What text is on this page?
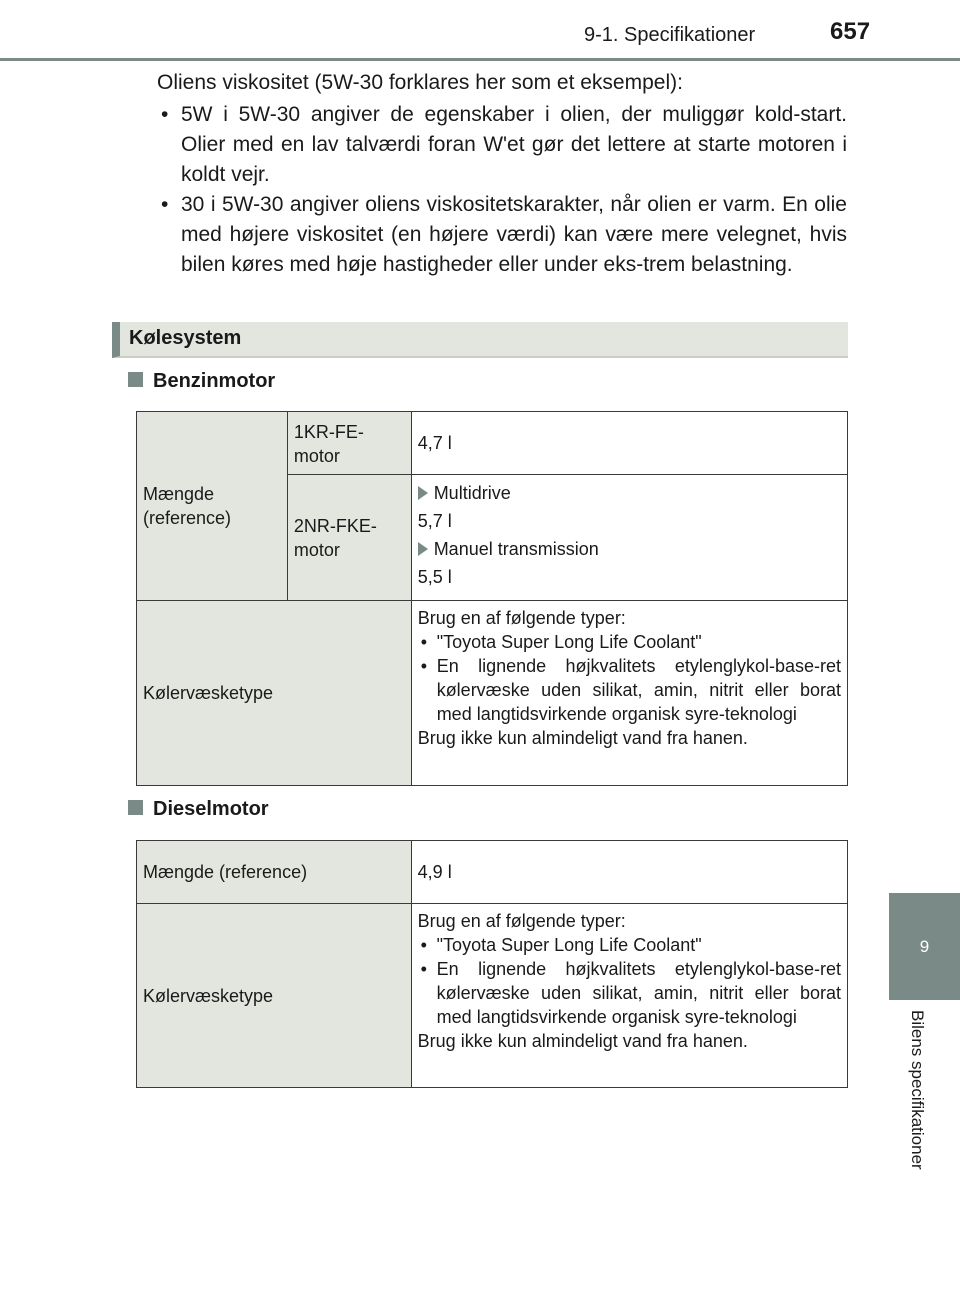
9-1. Specifikationer	657
9
Bilens specifikationer

Oliens viskositet (5W-30 forklares her som et eksempel):

• 5W i 5W-30 angiver de egenskaber i olien, der muliggør kold-start. Olier med en lav talværdi foran W'et gør det lettere at starte motoren i koldt vejr.
• 30 i 5W-30 angiver oliens viskositetskarakter, når olien er varm. En olie med højere viskositet (en højere værdi) kan være mere velegnet, hvis bilen køres med høje hastigheder eller under eks-trem belastning.
Kølesystem
Benzinmotor
Mængde (reference)	1KR-FE-motor	4,7 l
	2NR-FKE-motor	Multidrive
5,7 l
Manuel transmission
5,5 l

Kølervæsketype		Brug en af følgende typer:
• "Toyota Super Long Life Coolant"
• En lignende højkvalitets etylenglykol-base-ret kølervæske uden silikat, amin, nitrit eller borat med langtidsvirkende organisk syre-teknologi
Brug ikke kun almindeligt vand fra hanen.
Dieselmotor
Mængde (reference)	4,9 l
Kølervæsketype	Brug en af følgende typer:
• "Toyota Super Long Life Coolant"
• En lignende højkvalitets etylenglykol-base-ret kølervæske uden silikat, amin, nitrit eller borat med langtidsvirkende organisk syre-teknologi
Brug ikke kun almindeligt vand fra hanen.
